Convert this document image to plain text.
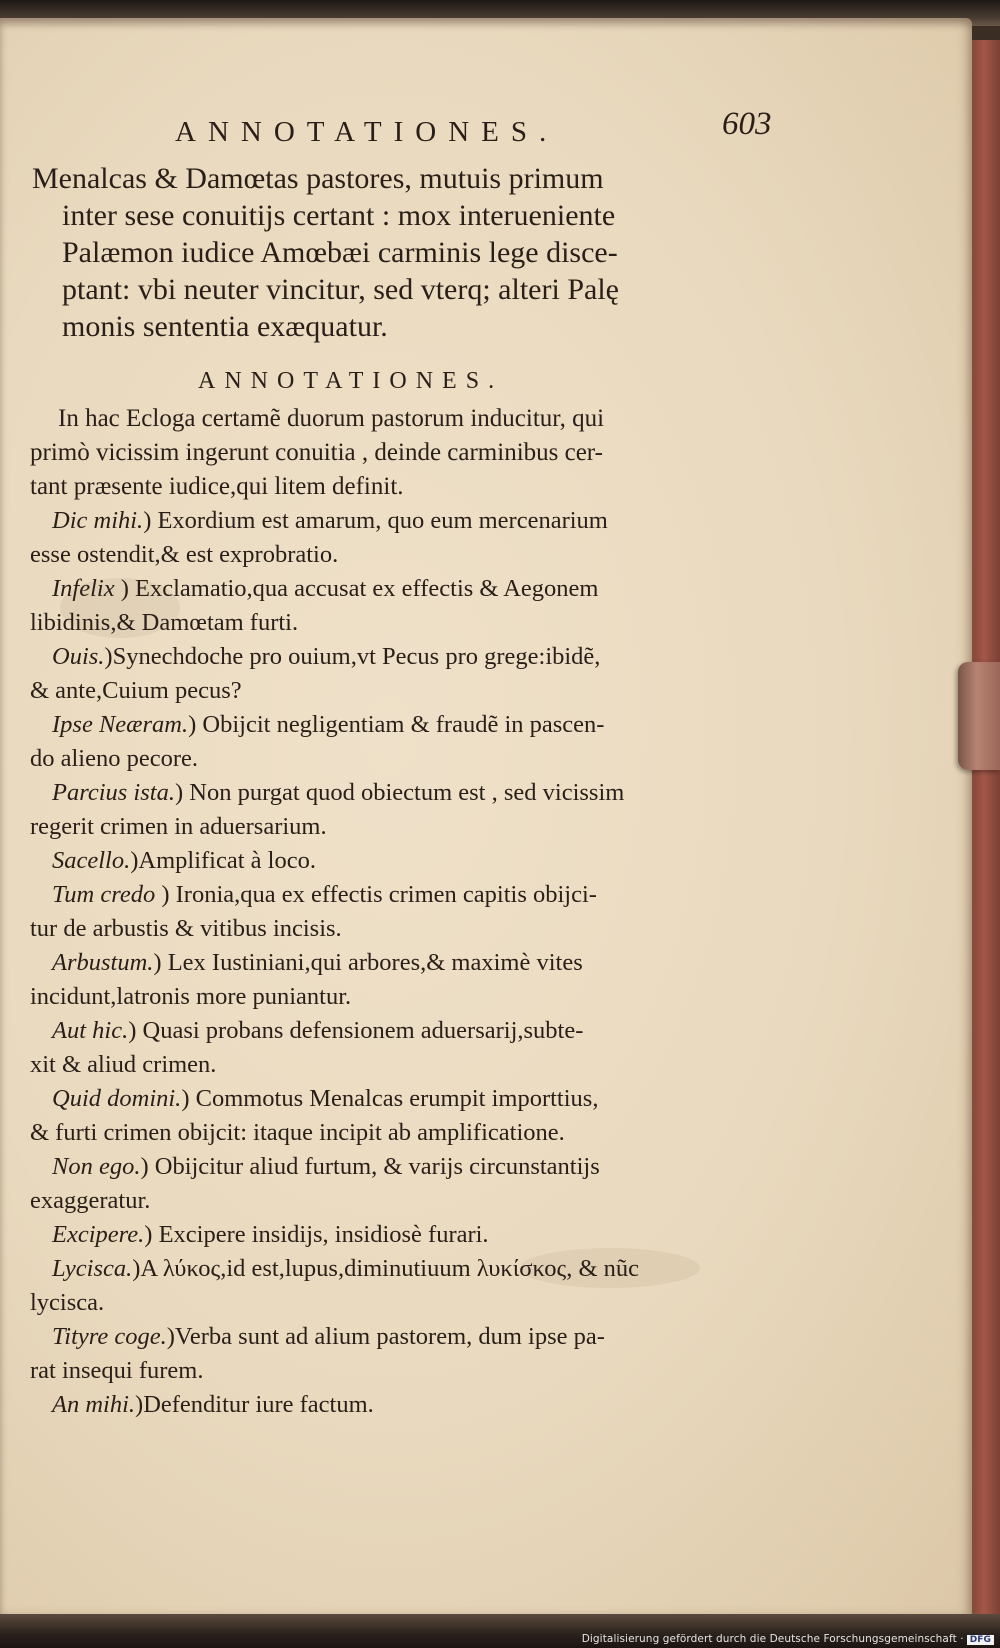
ANNOTATIONES.	603
Menalcas & Damœtas pastores, mutuis primum
inter sese conuitijs certant : mox interueniente
Palæmon iudice Amœbæi carminis lege disce-
ptant: vbi neuter vincitur, sed vterq; alteri Palę
monis sententia exæquatur.
ANNOTATIONES.
In hac Ecloga certamẽ duorum pastorum inducitur, qui
primò vicissim ingerunt conuitia , deinde carminibus cer-
tant præsente iudice,qui litem definit.
Dic mihi.) Exordium est amarum, quo eum mercenarium
esse ostendit,& est exprobratio.
Infelix ) Exclamatio,qua accusat ex effectis & Aegonem
libidinis,& Damœtam furti.
Ouis.)Synechdoche pro ouium,vt Pecus pro grege:ibidẽ,
& ante,Cuium pecus?
Ipse Neæram.) Obijcit negligentiam & fraudẽ in pascen-
do alieno pecore.
Parcius ista.) Non purgat quod obiectum est , sed vicissim
regerit crimen in aduersarium.
Sacello.)Amplificat à loco.
Tum credo ) Ironia,qua ex effectis crimen capitis obijci-
tur de arbustis & vitibus incisis.
Arbustum.) Lex Iustiniani,qui arbores,& maximè vites
incidunt,latronis more puniantur.
Aut hic.) Quasi probans defensionem aduersarij,subte-
xit & aliud crimen.
Quid domini.) Commotus Menalcas erumpit importtius,
& furti crimen obijcit: itaque incipit ab amplificatione.
Non ego.) Obijcitur aliud furtum, & varijs circunstantijs
exaggeratur.
Excipere.) Excipere insidijs, insidiosè furari.
Lycisca.)A λύκος,id est,lupus,diminutiuum λυκίσκος, & nũc
lycisca.
Tityre coge.)Verba sunt ad alium pastorem, dum ipse pa-
rat insequi furem.
An mihi.)Defenditur iure factum.
Digitalisierung gefördert durch die Deutsche Forschungsgemeinschaft · DFG
